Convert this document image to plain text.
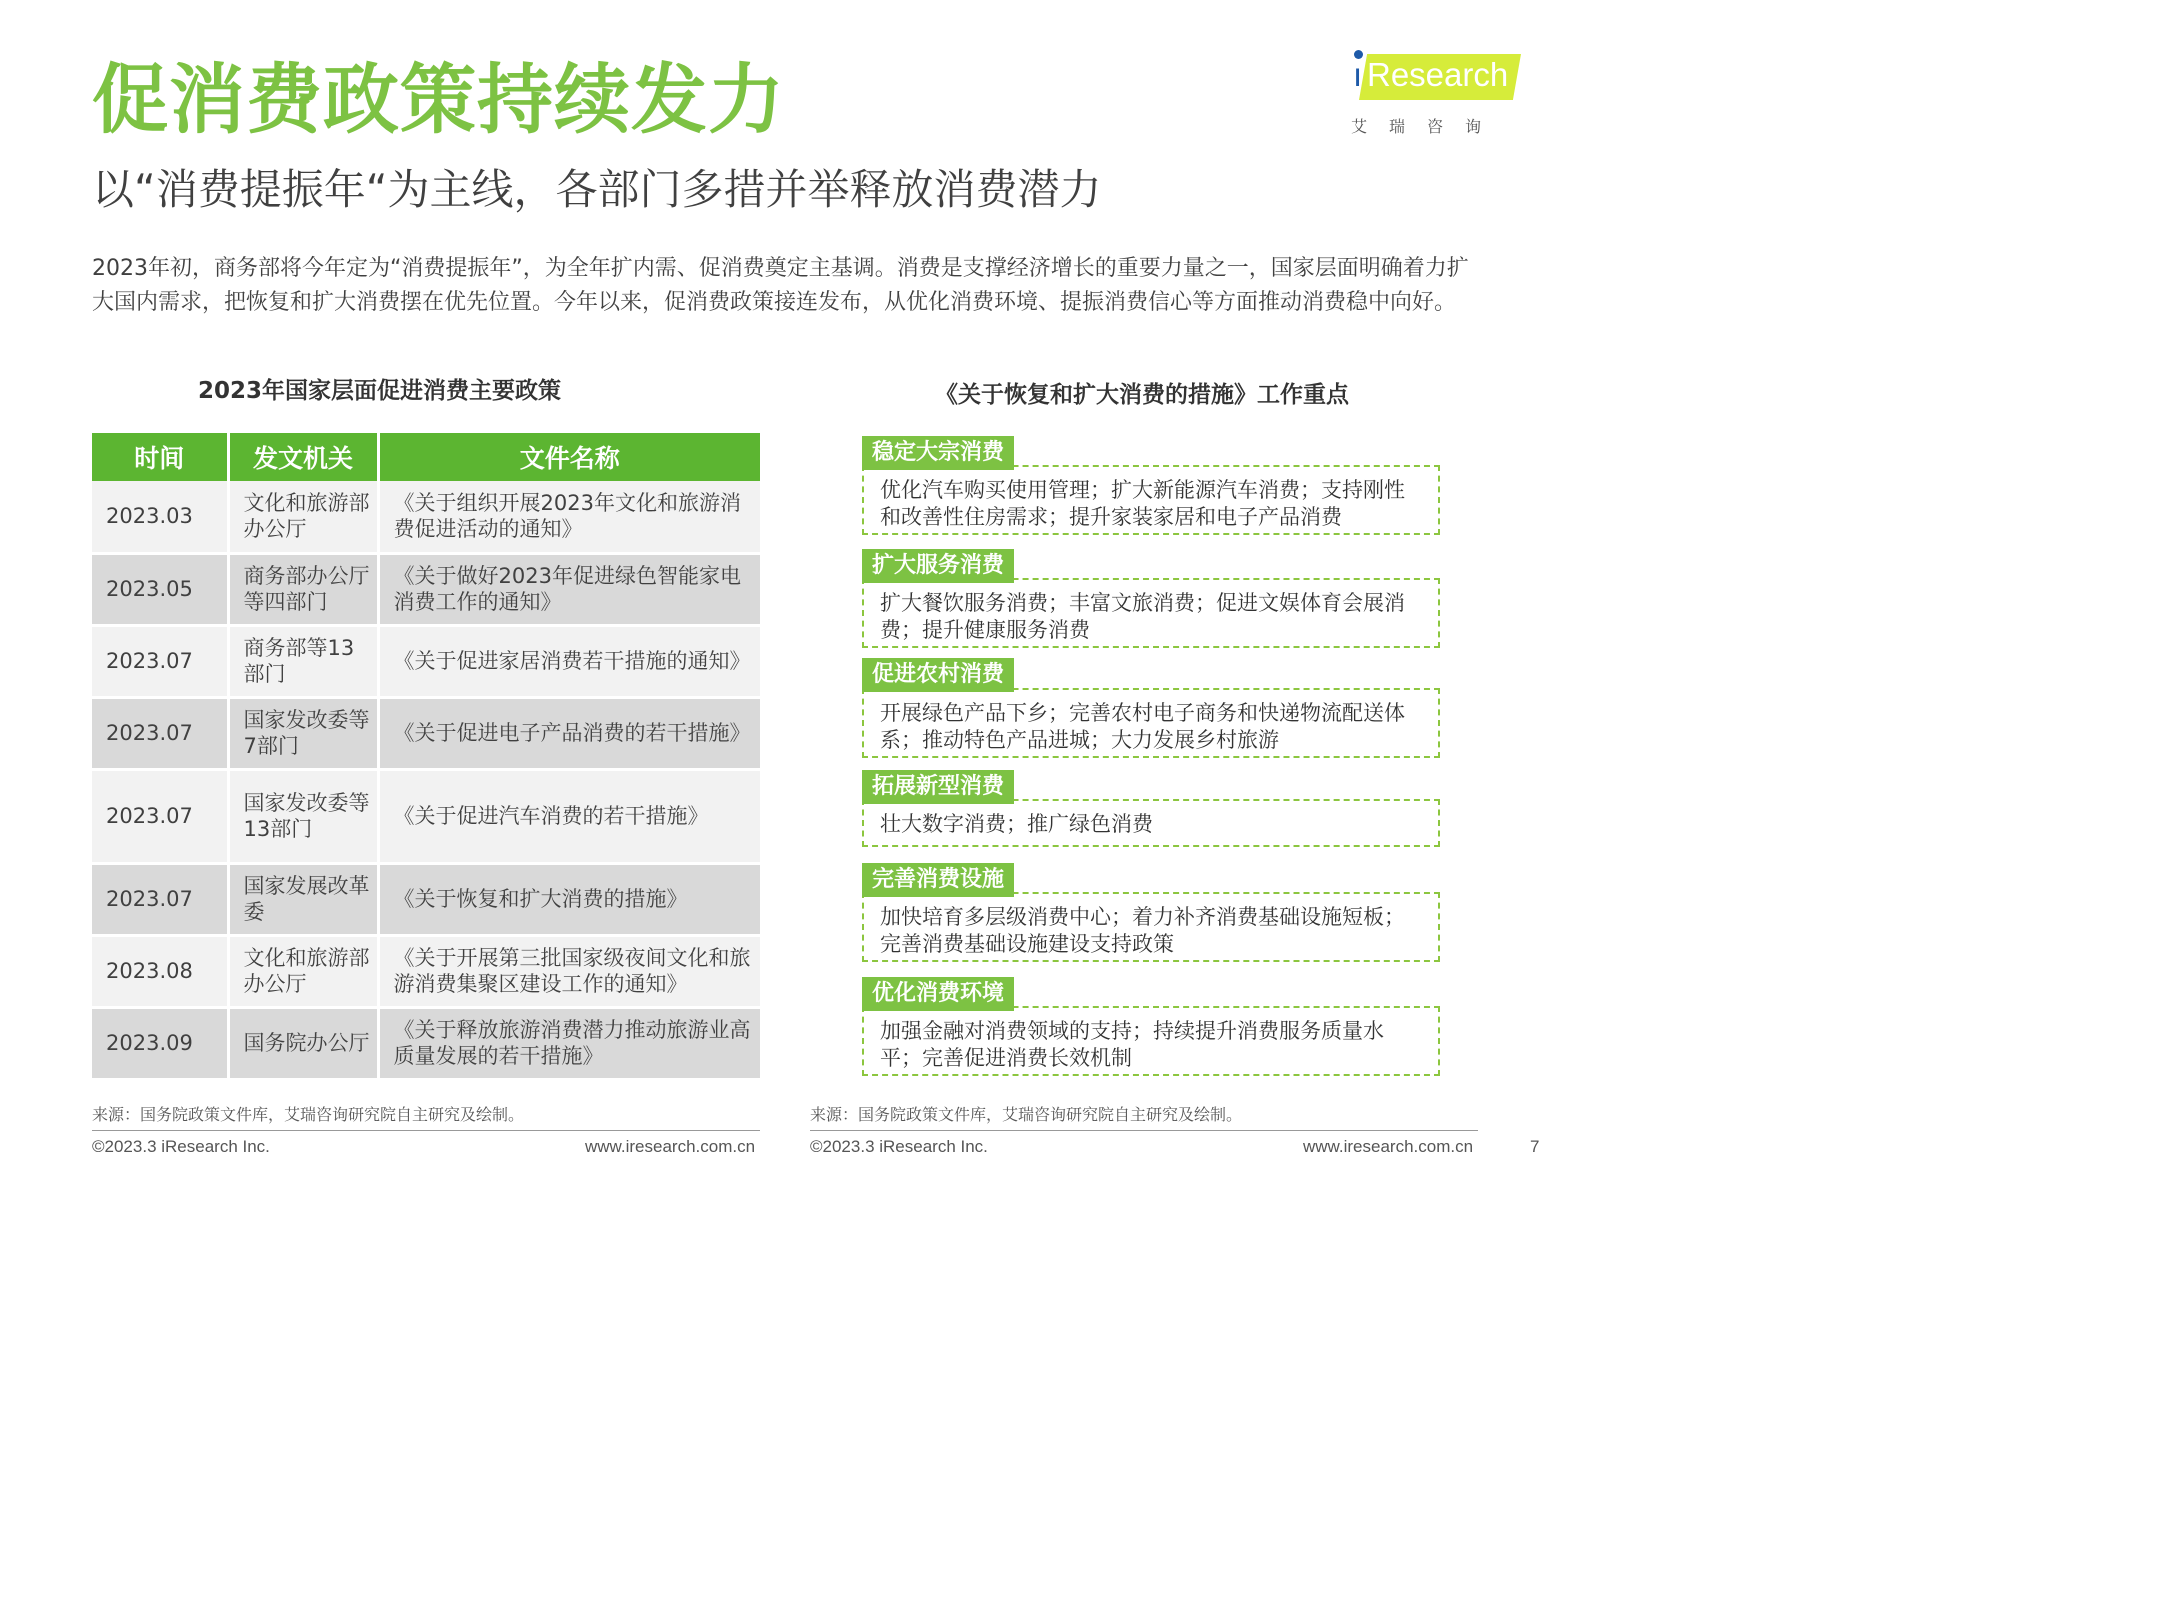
促消费政策持续发力
以“消费提振年“为主线，各部门多措并举释放消费潜力
Research
ı
艾瑞咨询
2023年初，商务部将今年定为“消费提振年”，为全年扩内需、促消费奠定主基调。消费是支撑经济增长的重要力量之一，国家层面明确着力扩大国内需求，把恢复和扩大消费摆在优先位置。今年以来，促消费政策接连发布，从优化消费环境、提振消费信心等方面推动消费稳中向好。
2023年国家层面促进消费主要政策	《关于恢复和扩大消费的措施》工作重点
时间	发文机关	文件名称
2023.03	文化和旅游部办公厅	《关于组织开展2023年文化和旅游消费促进活动的通知》
2023.05	商务部办公厅等四部门	《关于做好2023年促进绿色智能家电消费工作的通知》
2023.07	商务部等13部门	《关于促进家居消费若干措施的通知》
2023.07	国家发改委等7部门	《关于促进电子产品消费的若干措施》
2023.07	国家发改委等13部门	《关于促进汽车消费的若干措施》
2023.07	国家发展改革委	《关于恢复和扩大消费的措施》
2023.08	文化和旅游部办公厅	《关于开展第三批国家级夜间文化和旅游消费集聚区建设工作的通知》
2023.09	国务院办公厅	《关于释放旅游消费潜力推动旅游业高质量发展的若干措施》
优化汽车购买使用管理；扩大新能源汽车消费；支持刚性和改善性住房需求；提升家装家居和电子产品消费
稳定大宗消费
扩大餐饮服务消费；丰富文旅消费；促进文娱体育会展消费；提升健康服务消费
扩大服务消费
开展绿色产品下乡；完善农村电子商务和快递物流配送体系；推动特色产品进城；大力发展乡村旅游
促进农村消费
壮大数字消费；推广绿色消费
拓展新型消费
加快培育多层级消费中心；着力补齐消费基础设施短板；完善消费基础设施建设支持政策
完善消费设施
加强金融对消费领域的支持；持续提升消费服务质量水平；完善促进消费长效机制
优化消费环境
来源：国务院政策文件库，艾瑞咨询研究院自主研究及绘制。	来源：国务院政策文件库，艾瑞咨询研究院自主研究及绘制。
©2023.3 iResearch Inc.	www.iresearch.com.cn	©2023.3 iResearch Inc.	www.iresearch.com.cn	7
